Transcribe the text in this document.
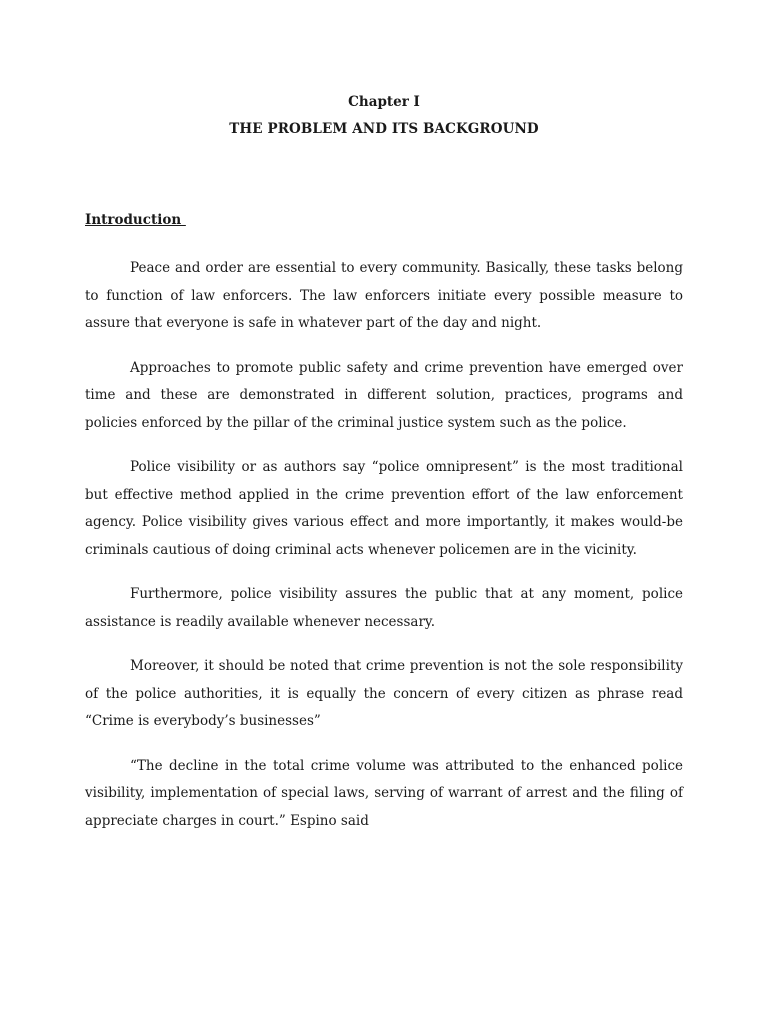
Chapter I
THE PROBLEM AND ITS BACKGROUND
Introduction

Peace and order are essential to every community. Basically, these tasks belong to function of law enforcers. The law enforcers initiate every possible measure to assure that everyone is safe in whatever part of the day and night.

Approaches to promote public safety and crime prevention have emerged over time and these are demonstrated in different solution, practices, programs and policies enforced by the pillar of the criminal justice system such as the police.

Police visibility or as authors say “police omnipresent” is the most traditional but effective method applied in the crime prevention effort of the law enforcement agency. Police visibility gives various effect and more importantly, it makes would-be criminals cautious of doing criminal acts whenever policemen are in the vicinity.

Furthermore, police visibility assures the public that at any moment, police assistance is readily available whenever necessary.

Moreover, it should be noted that crime prevention is not the sole responsibility of the police authorities, it is equally the concern of every citizen as phrase read “Crime is everybody’s businesses”

“The decline in the total crime volume was attributed to the enhanced police visibility, implementation of special laws, serving of warrant of arrest and the filing of appreciate charges in court.” Espino said
